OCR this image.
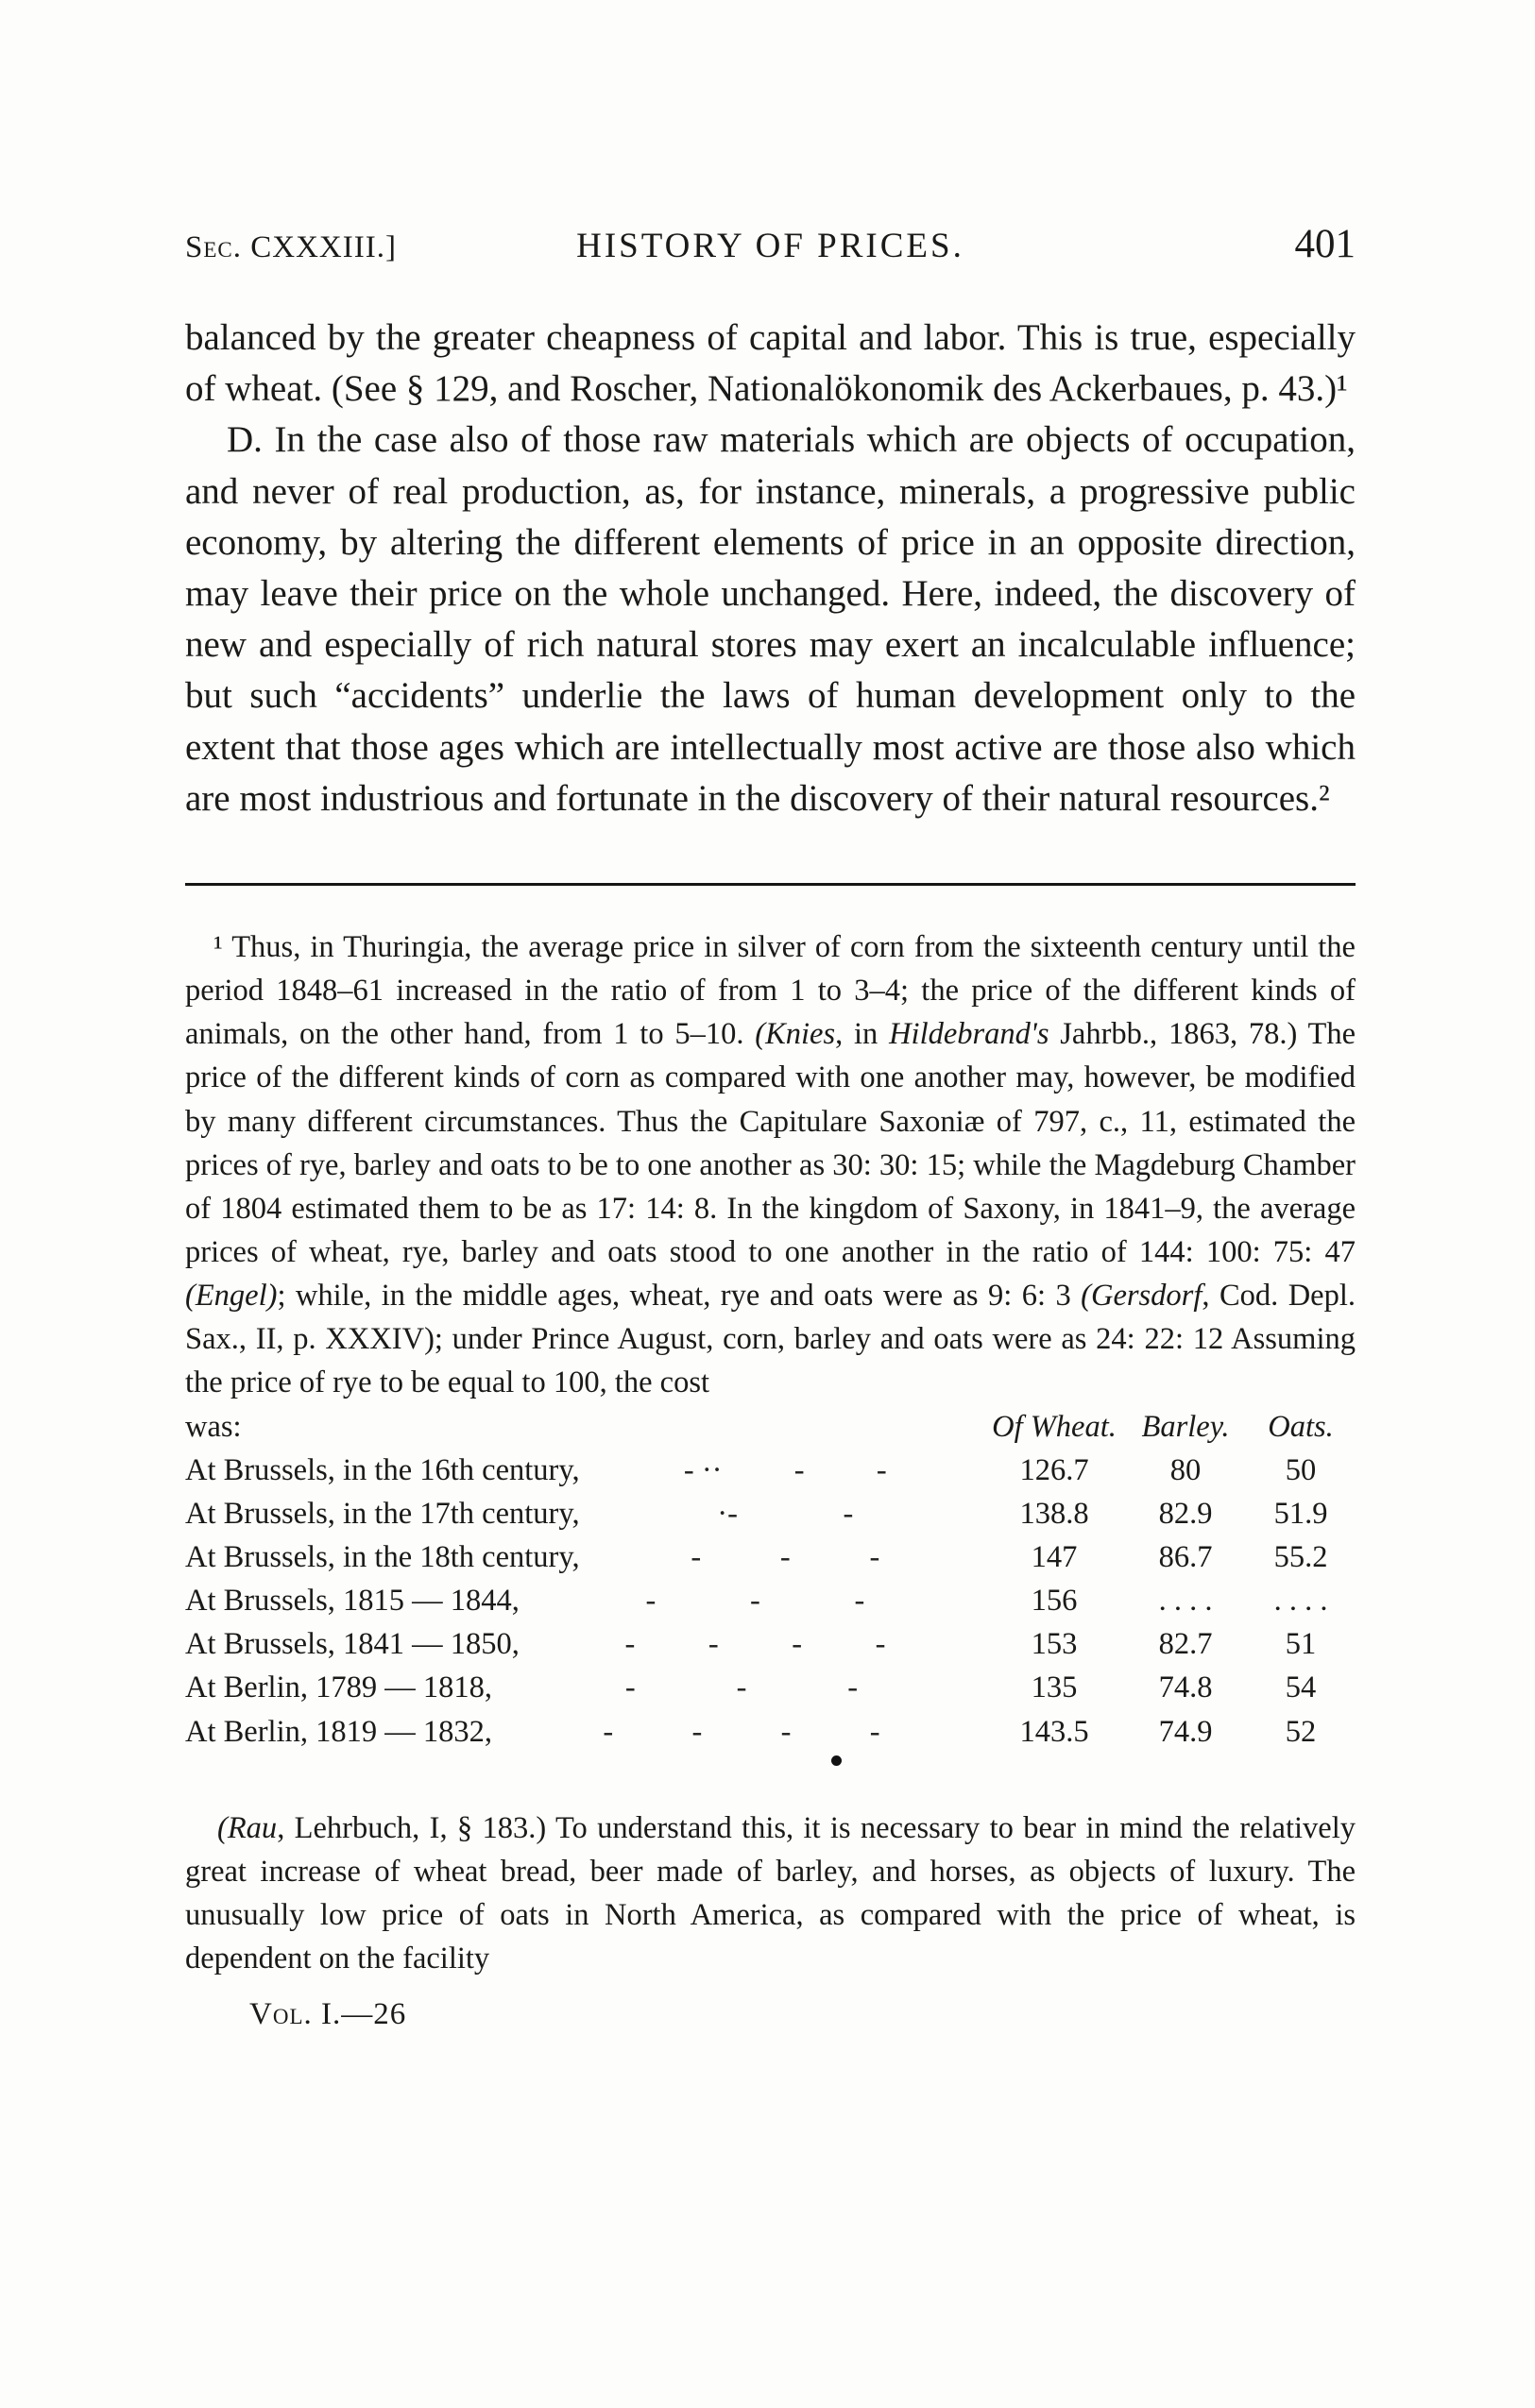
Sec. CXXXIII.]	HISTORY OF PRICES.	401

balanced by the greater cheapness of capital and labor. This is true, especially of wheat. (See § 129, and Roscher, Nationalökonomik des Ackerbaues, p. 43.)¹

D. In the case also of those raw materials which are objects of occupation, and never of real production, as, for instance, minerals, a progressive public economy, by altering the different elements of price in an opposite direction, may leave their price on the whole unchanged. Here, indeed, the discovery of new and especially of rich natural stores may exert an incalculable influence; but such “accidents” underlie the laws of human development only to the extent that those ages which are intellectually most active are those also which are most industrious and fortunate in the discovery of their natural resources.²

¹ Thus, in Thuringia, the average price in silver of corn from the sixteenth century until the period 1848–61 increased in the ratio of from 1 to 3–4; the price of the different kinds of animals, on the other hand, from 1 to 5–10. (Knies, in Hildebrand's Jahrbb., 1863, 78.) The price of the different kinds of corn as compared with one another may, however, be modified by many different circumstances. Thus the Capitulare Saxoniæ of 797, c., 11, estimated the prices of rye, barley and oats to be to one another as 30: 30: 15; while the Magdeburg Chamber of 1804 estimated them to be as 17: 14: 8. In the kingdom of Saxony, in 1841–9, the average prices of wheat, rye, barley and oats stood to one another in the ratio of 144: 100: 75: 47 (Engel); while, in the middle ages, wheat, rye and oats were as 9: 6: 3 (Gersdorf, Cod. Depl. Sax., II, p. XXXIV); under Prince August, corn, barley and oats were as 24: 22: 12 Assuming the price of rye to be equal to 100, the cost

was:	Of Wheat. Barley.	Oats.
At Brussels, in the 16th century,	- ·· - -	126.7	80	50
At Brussels, in the 17th century,	·-	-	138.8	82.9	51.9
At Brussels, in the 18th century,	-	-	-	147	86.7	55.2
At Brussels, 1815 — 1844,	-	-	-	156	. . . .	. . . .
At Brussels, 1841 — 1850,	- - - -	153	82.7	51
At Berlin, 1789 — 1818,	-	-	-	135	74.8	54
At Berlin, 1819 — 1832,	-	-	-	-	143.5	74.9	52

(Rau, Lehrbuch, I, § 183.) To understand this, it is necessary to bear in mind the relatively great increase of wheat bread, beer made of barley, and horses, as objects of luxury. The unusually low price of oats in North America, as compared with the price of wheat, is dependent on the facility

Vol. I.—26
